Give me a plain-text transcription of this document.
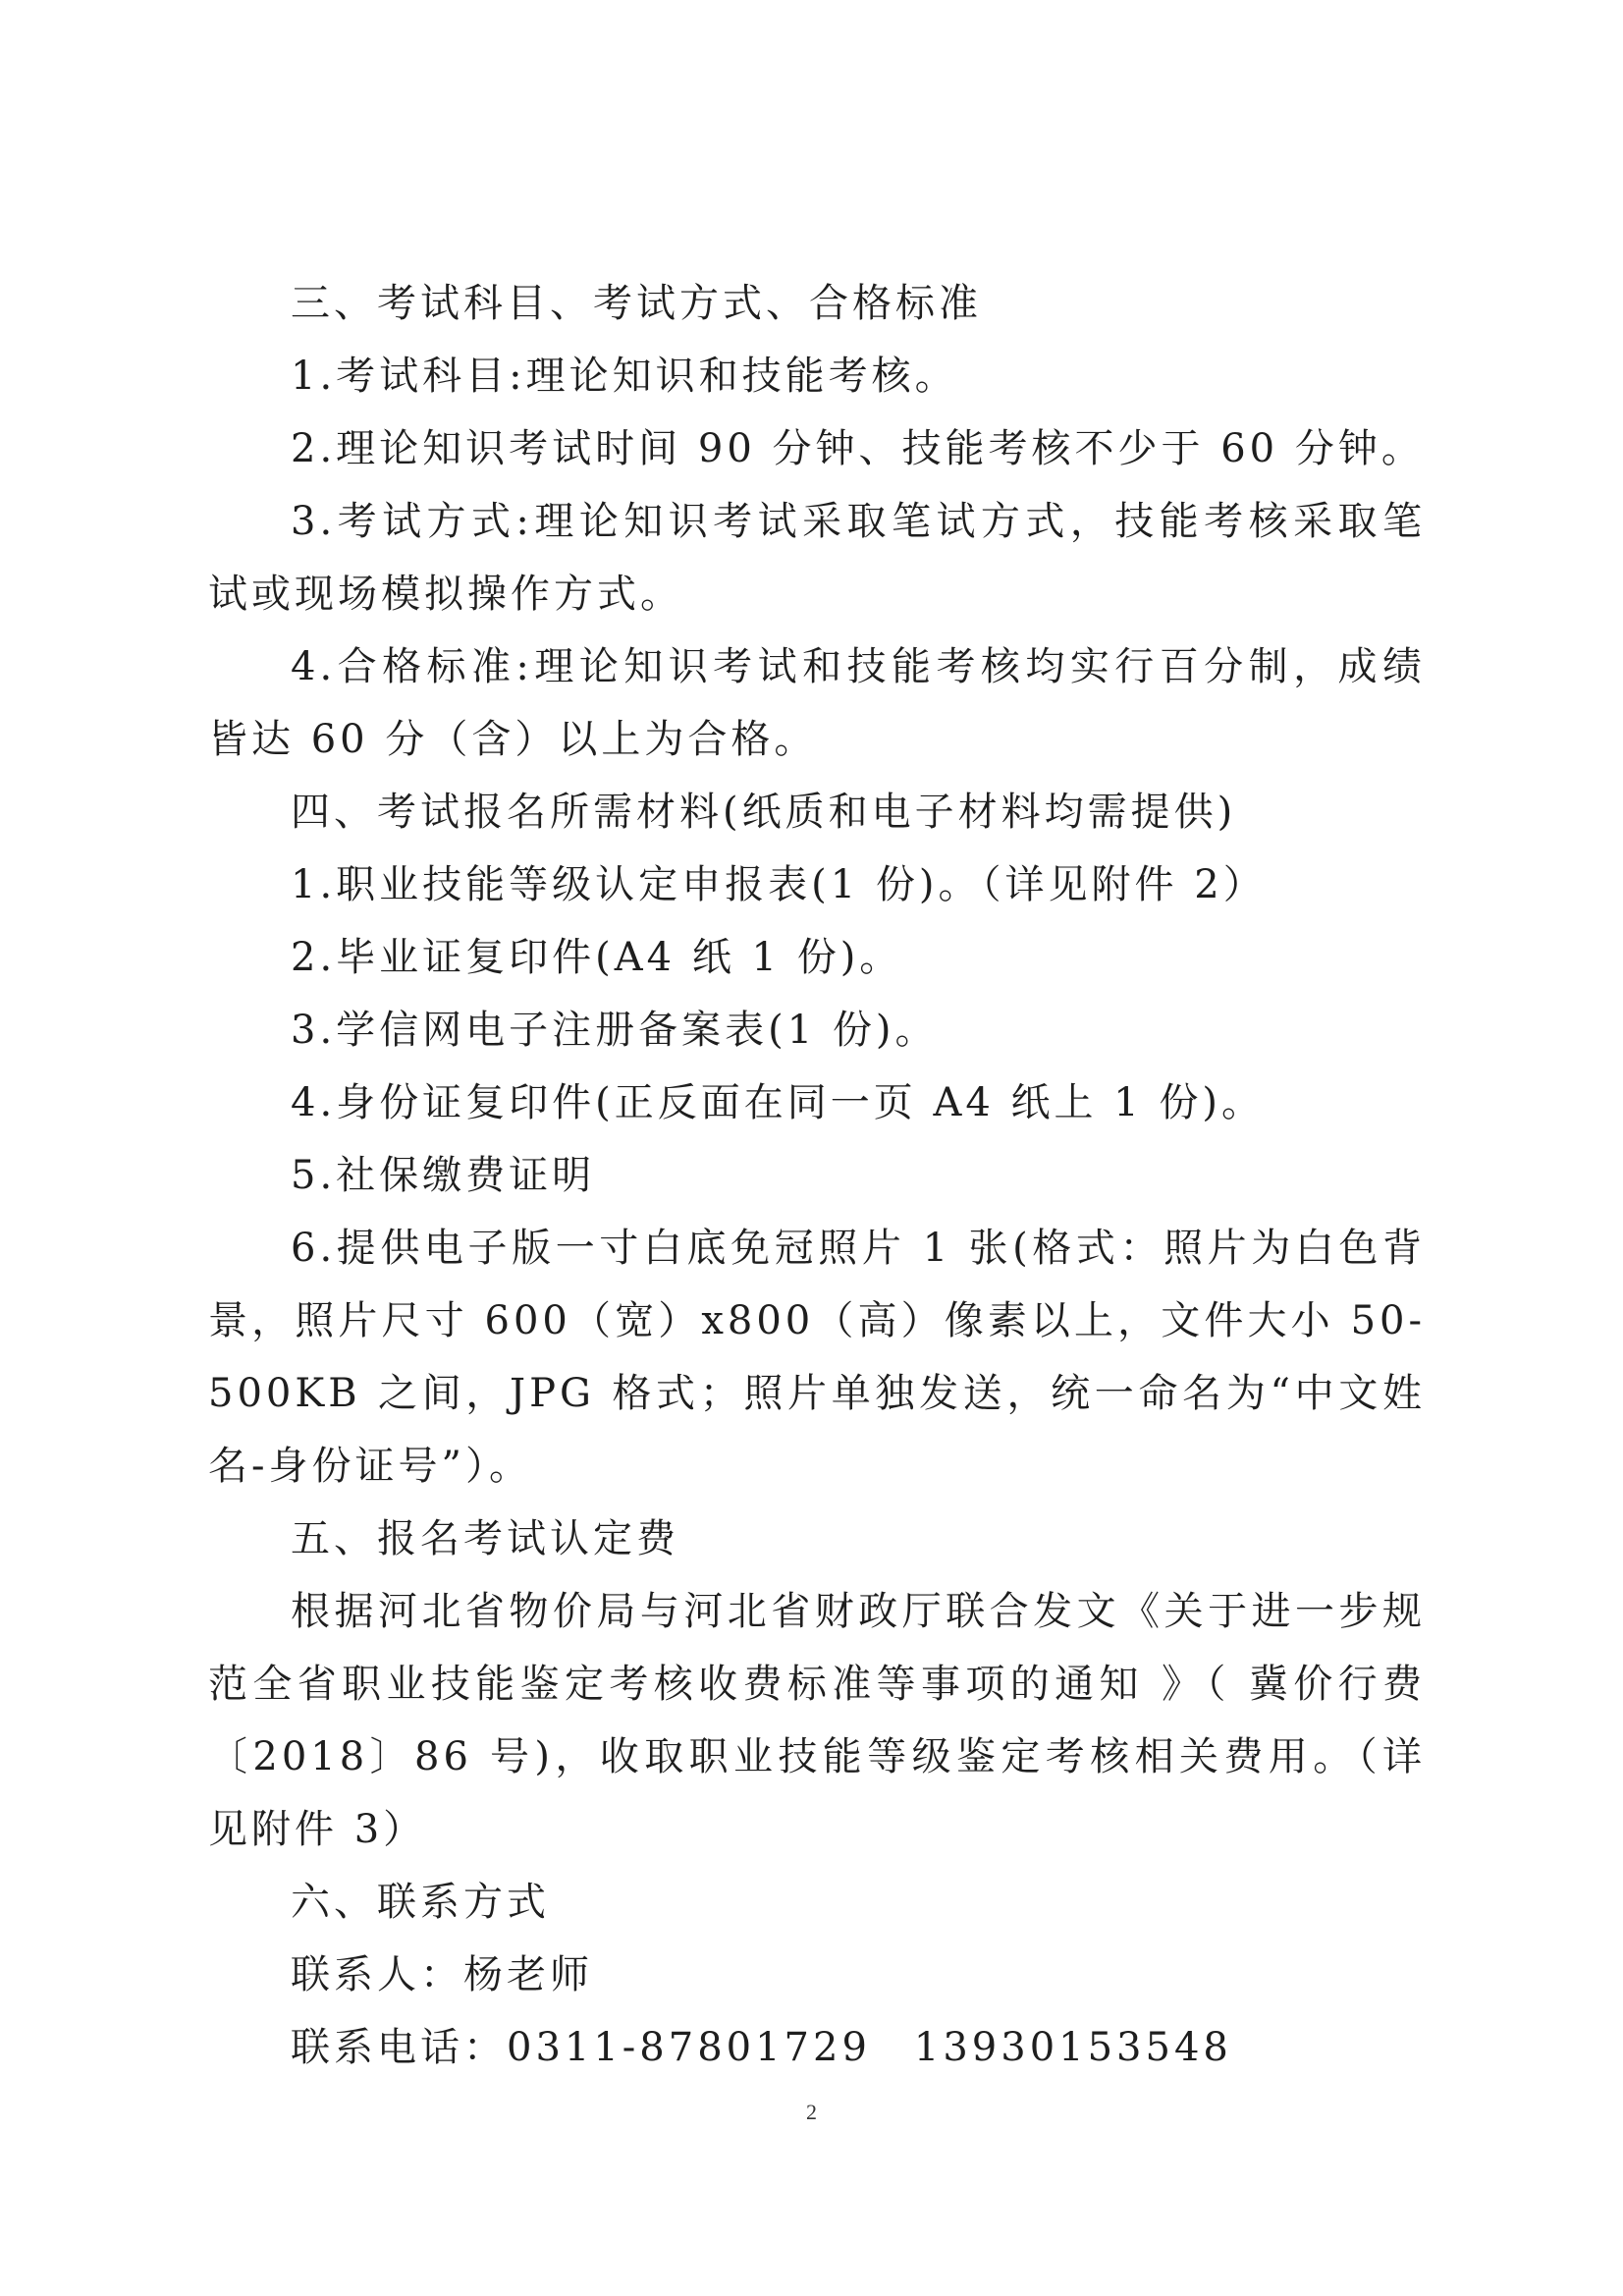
三、考试科目、考试方式、合格标准

1.考试科目:理论知识和技能考核。

2.理论知识考试时间 90 分钟、技能考核不少于 60 分钟。

3.考试方式:理论知识考试采取笔试方式，技能考核采取笔试或现场模拟操作方式。

4.合格标准:理论知识考试和技能考核均实行百分制，成绩皆达 60 分（含）以上为合格。

四、考试报名所需材料(纸质和电子材料均需提供)

1.职业技能等级认定申报表(1 份)。（详见附件 2）

2.毕业证复印件(A4 纸 1 份)。

3.学信网电子注册备案表(1 份)。

4.身份证复印件(正反面在同一页 A4 纸上 1 份)。

5.社保缴费证明

6.提供电子版一寸白底免冠照片 1 张(格式：照片为白色背景，照片尺寸 600（宽）x800（高）像素以上，文件大小 50-500KB 之间，JPG 格式；照片单独发送，统一命名为“中文姓名-身份证号”）。

五、报名考试认定费

根据河北省物价局与河北省财政厅联合发文《关于进一步规范全省职业技能鉴定考核收费标准等事项的通知 》（ 冀价行费〔2018〕86 号)，收取职业技能等级鉴定考核相关费用。（详见附件 3）

六、联系方式

联系人：杨老师

联系电话：0311-87801729　13930153548

2
